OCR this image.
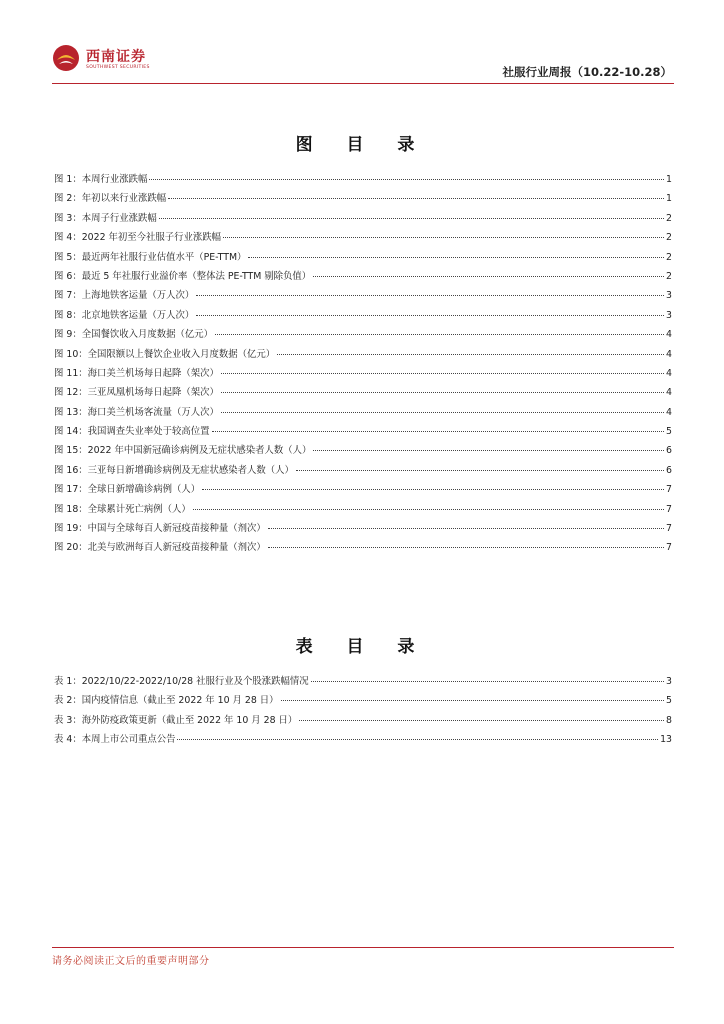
西南证券
SOUTHWEST SECURITIES	社服行业周报（10.22-10.28）
图 目 录
图 1：本周行业涨跌幅	1
图 2：年初以来行业涨跌幅	1
图 3：本周子行业涨跌幅	2
图 4：2022 年初至今社服子行业涨跌幅	2
图 5：最近两年社服行业估值水平（PE-TTM）	2
图 6：最近 5 年社服行业溢价率（整体法 PE-TTM 剔除负值）	2
图 7：上海地铁客运量（万人次）	3
图 8：北京地铁客运量（万人次）	3
图 9：全国餐饮收入月度数据（亿元）	4
图 10：全国限额以上餐饮企业收入月度数据（亿元）	4
图 11：海口美兰机场每日起降（架次）	4
图 12：三亚凤凰机场每日起降（架次）	4
图 13：海口美兰机场客流量（万人次）	4
图 14：我国调查失业率处于较高位置	5
图 15：2022 年中国新冠确诊病例及无症状感染者人数（人）	6
图 16：三亚每日新增确诊病例及无症状感染者人数（人）	6
图 17：全球日新增确诊病例（人）	7
图 18：全球累计死亡病例（人）	7
图 19：中国与全球每百人新冠疫苗接种量（剂次）	7
图 20：北美与欧洲每百人新冠疫苗接种量（剂次）	7
表 目 录
表 1：2022/10/22-2022/10/28 社服行业及个股涨跌幅情况	3
表 2：国内疫情信息（截止至 2022 年 10 月 28 日）	5
表 3：海外防疫政策更新（截止至 2022 年 10 月 28 日）	8
表 4：本周上市公司重点公告	13
请务必阅读正文后的重要声明部分
